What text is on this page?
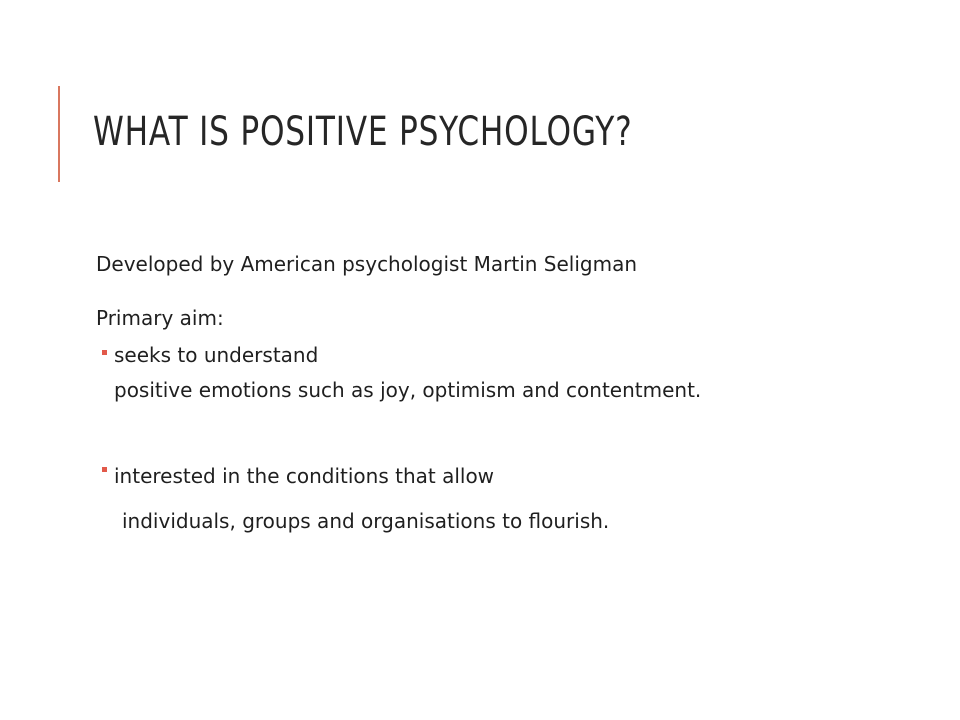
WHAT IS POSITIVE PSYCHOLOGY?

Developed by American psychologist Martin Seligman

Primary aim:

seeks to understand

positive emotions such as joy, optimism and contentment.

interested in the conditions that allow

individuals, groups and organisations to flourish.
